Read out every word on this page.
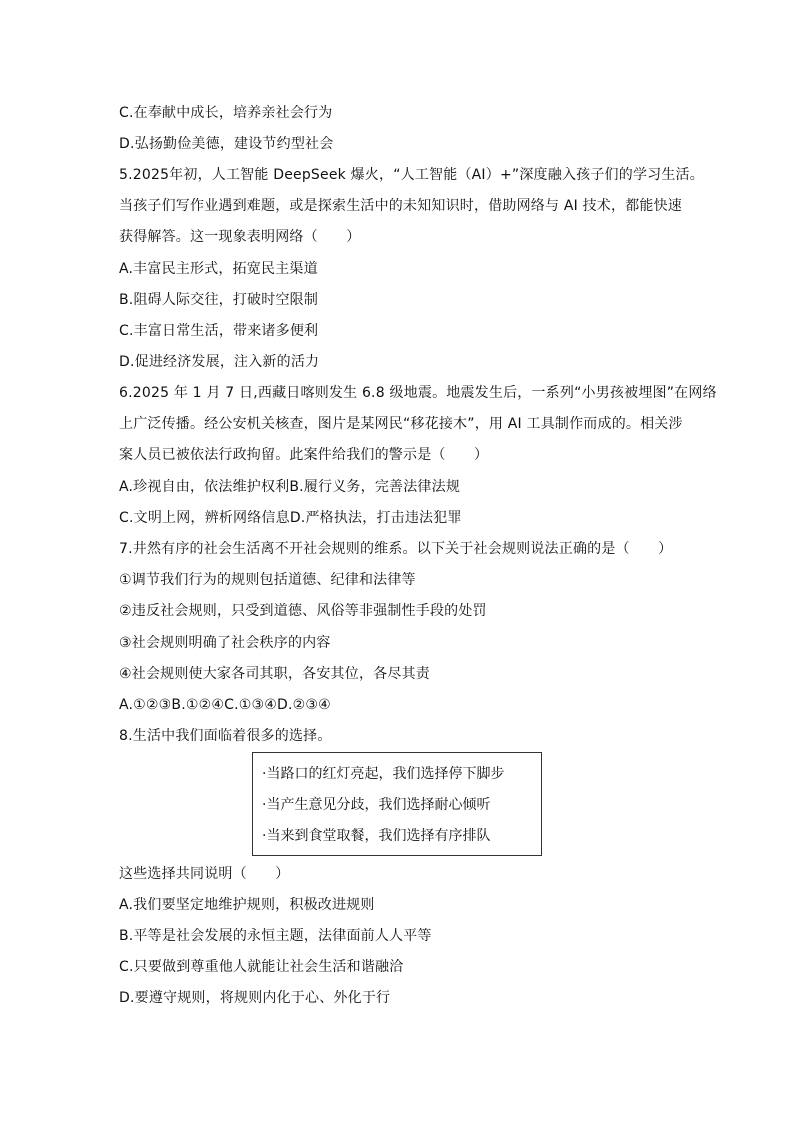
C.在奉献中成长，培养亲社会行为
D.弘扬勤俭美德，建设节约型社会
5.2025年初，人工智能 DeepSeek 爆火，“人工智能（AI）+”深度融入孩子们的学习生活。
当孩子们写作业遇到难题，或是探索生活中的未知知识时，借助网络与 AI 技术，都能快速
获得解答。这一现象表明网络（　　）
A.丰富民主形式，拓宽民主渠道
B.阻碍人际交往，打破时空限制
C.丰富日常生活，带来诸多便利
D.促进经济发展，注入新的活力
6.2025 年 1 月 7 日,西藏日喀则发生 6.8 级地震。地震发生后，一系列“小男孩被埋图”在网络
上广泛传播。经公安机关核查，图片是某网民“移花接木”，用 AI 工具制作而成的。相关涉
案人员已被依法行政拘留。此案件给我们的警示是（　　）
A.珍视自由，依法维护权利B.履行义务，完善法律法规
C.文明上网，辨析网络信息D.严格执法，打击违法犯罪
7.井然有序的社会生活离不开社会规则的维系。以下关于社会规则说法正确的是（　　）
①调节我们行为的规则包括道德、纪律和法律等
②违反社会规则，只受到道德、风俗等非强制性手段的处罚
③社会规则明确了社会秩序的内容
④社会规则使大家各司其职，各安其位，各尽其责
A.①②③B.①②④C.①③④D.②③④
8.生活中我们面临着很多的选择。
·当路口的红灯亮起，我们选择停下脚步
·当产生意见分歧，我们选择耐心倾听
·当来到食堂取餐，我们选择有序排队
这些选择共同说明（　　）
A.我们要坚定地维护规则，积极改进规则
B.平等是社会发展的永恒主题，法律面前人人平等
C.只要做到尊重他人就能让社会生活和谐融洽
D.要遵守规则，将规则内化于心、外化于行
